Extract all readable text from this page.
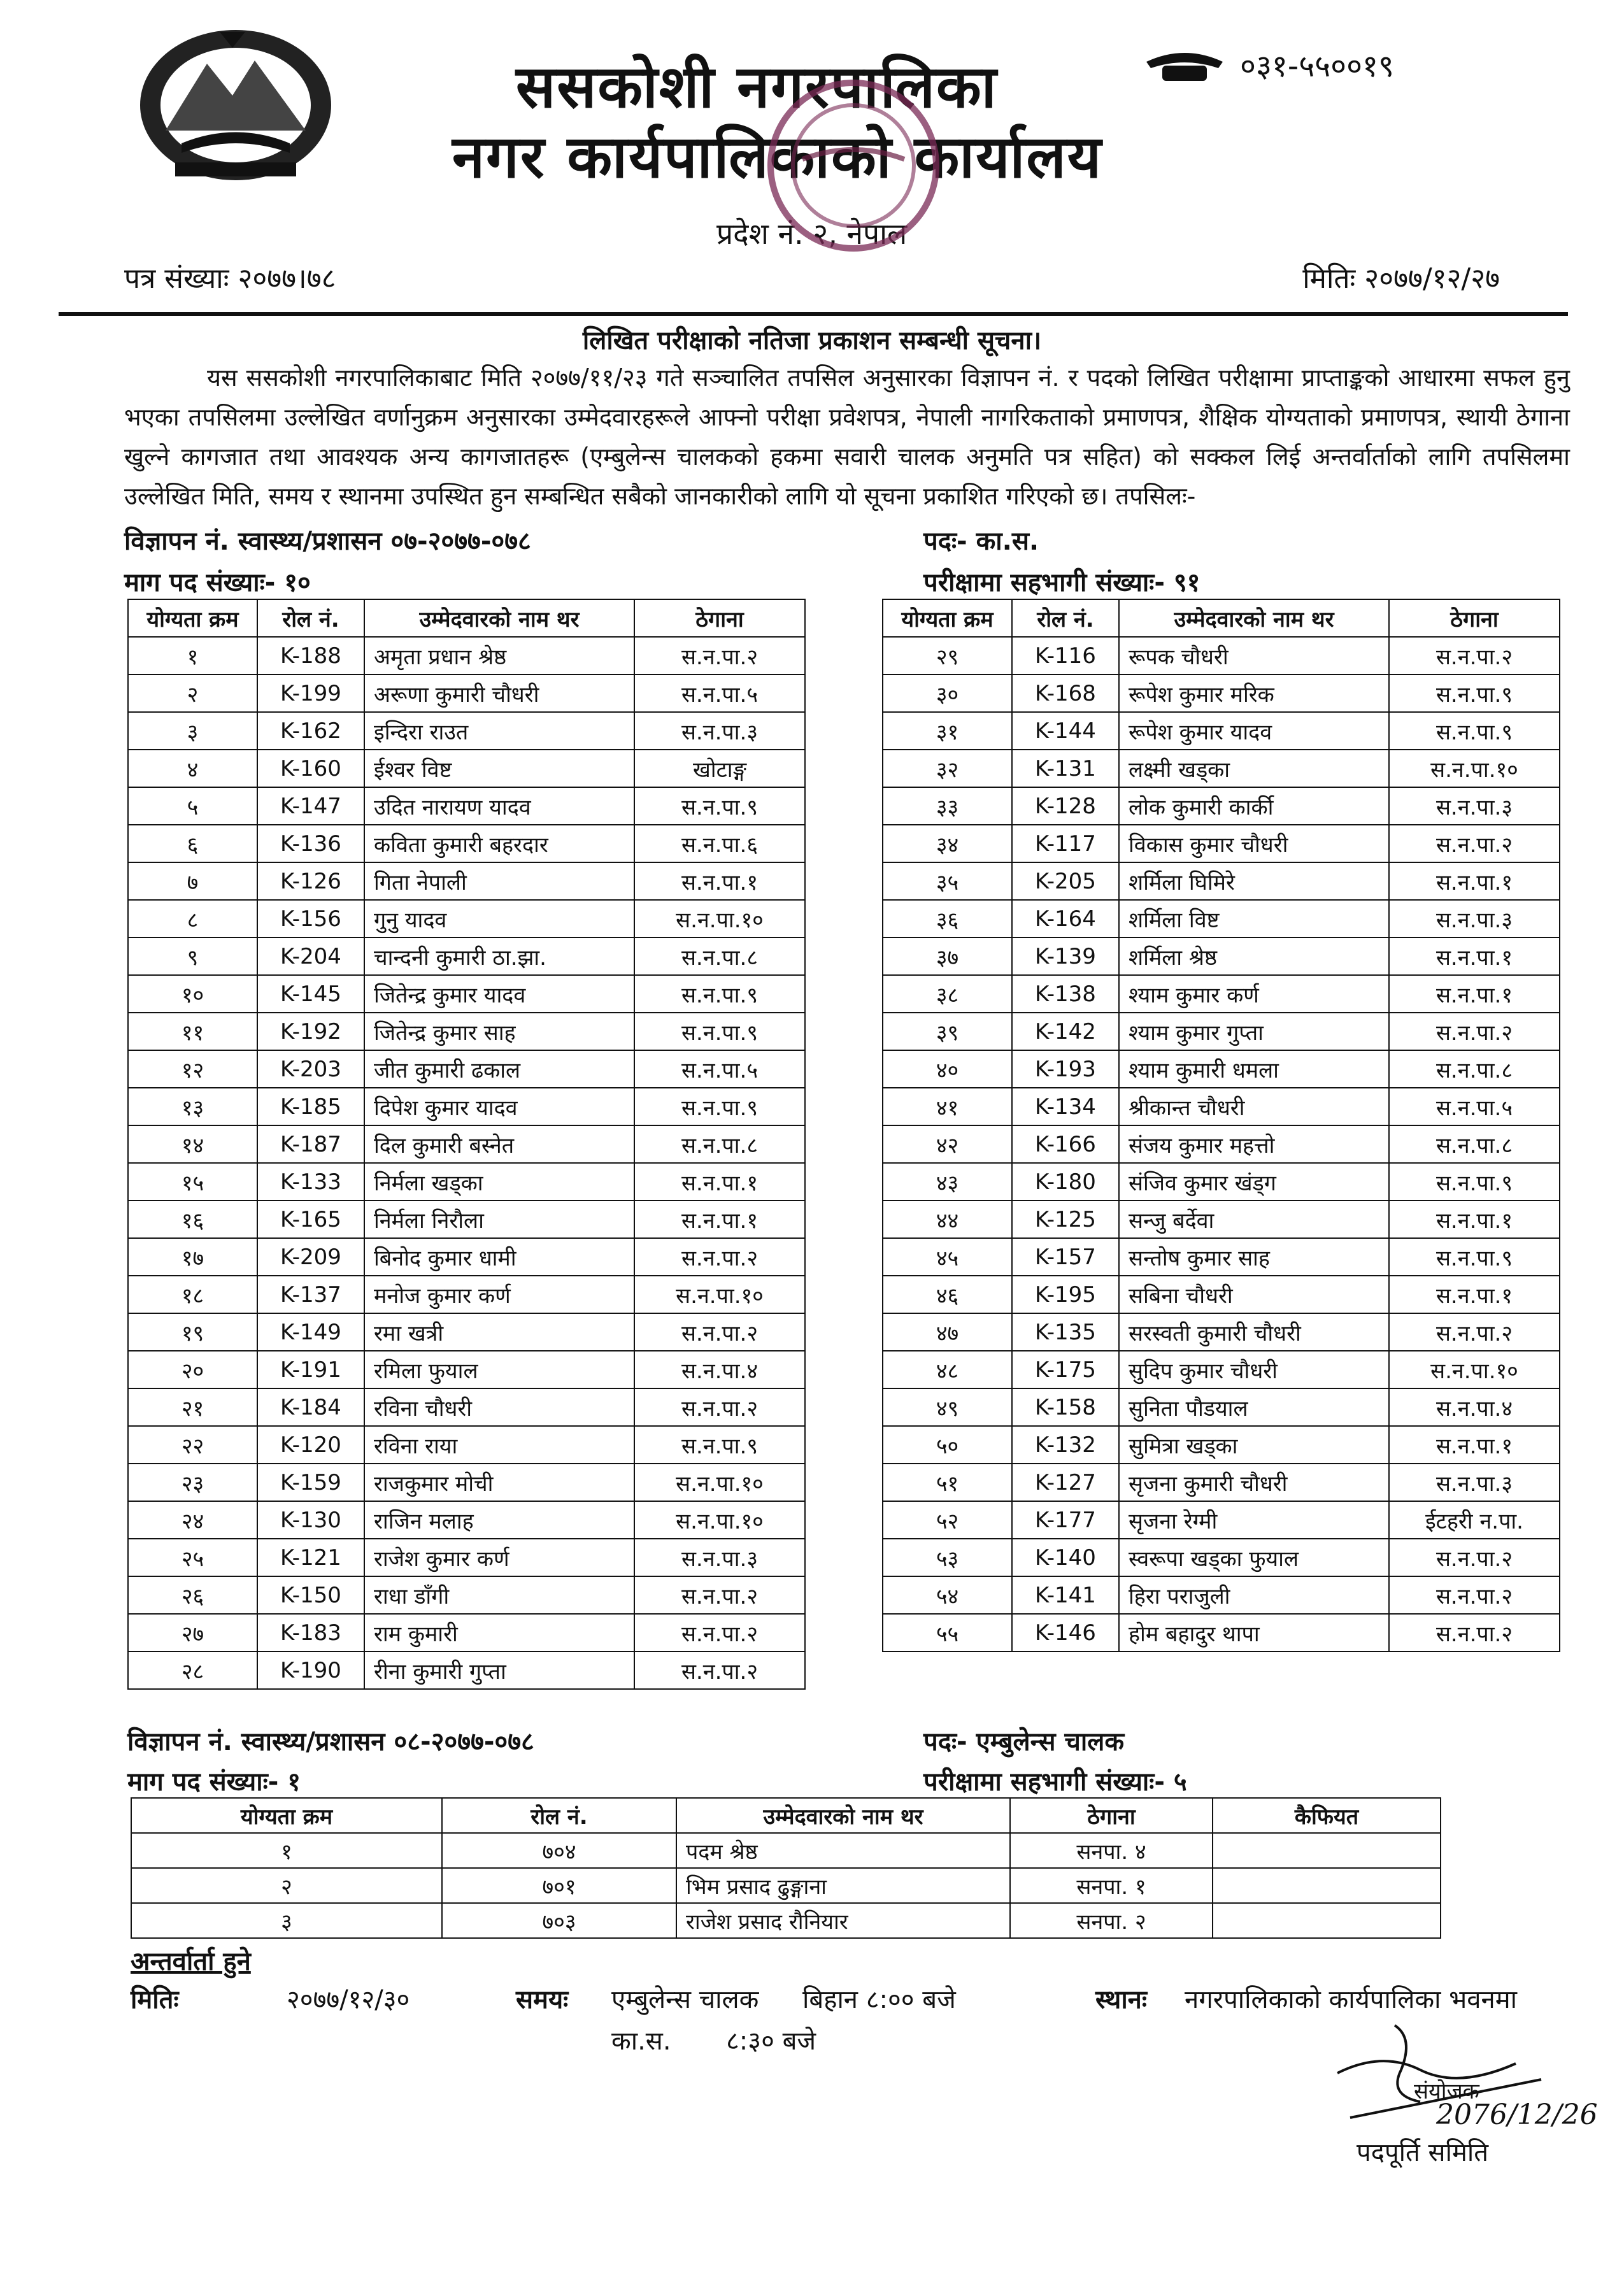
ससकोशी नगरपालिका
नगर कार्यपालिकाको कार्यालय
प्रदेश नं. २, नेपाल
०३१-५५००१९
पत्र संख्याः २०७७।७८	मितिः २०७७/१२/२७
लिखित परीक्षाको नतिजा प्रकाशन सम्बन्धी सूचना।
यस ससकोशी नगरपालिकाबाट मिति २०७७/११/२३ गते सञ्चालित तपसिल अनुसारका विज्ञापन नं. र पदको लिखित परीक्षामा प्राप्ताङ्कको आधारमा सफल हुनु भएका तपसिलमा उल्लेखित वर्णानुक्रम अनुसारका उम्मेदवारहरूले आफ्नो परीक्षा प्रवेशपत्र, नेपाली नागरिकताको प्रमाणपत्र, शैक्षिक योग्यताको प्रमाणपत्र, स्थायी ठेगाना खुल्ने कागजात तथा आवश्यक अन्य कागजातहरू (एम्बुलेन्स चालकको हकमा सवारी चालक अनुमति पत्र सहित) को सक्कल लिई अन्तर्वार्ताको लागि तपसिलमा उल्लेखित मिति, समय र स्थानमा उपस्थित हुन सम्बन्धित सबैको जानकारीको लागि यो सूचना प्रकाशित गरिएको छ। तपसिलः-
विज्ञापन नं. स्वास्थ्य/प्रशासन ०७-२०७७-०७८	पदः- का.स.
माग पद संख्याः- १०	परीक्षामा सहभागी संख्याः- ९१
योग्यता क्रम	रोल नं.	उम्मेदवारको नाम थर	ठेगाना
१	K-188	अमृता प्रधान श्रेष्ठ	स.न.पा.२
२	K-199	अरूणा कुमारी चौधरी	स.न.पा.५
३	K-162	इन्दिरा राउत	स.न.पा.३
४	K-160	ईश्वर विष्ट	खोटाङ्ग
५	K-147	उदित नारायण यादव	स.न.पा.९
६	K-136	कविता कुमारी बहरदार	स.न.पा.६
७	K-126	गिता नेपाली	स.न.पा.१
८	K-156	गुनु यादव	स.न.पा.१०
९	K-204	चान्दनी कुमारी ठा.झा.	स.न.पा.८
१०	K-145	जितेन्द्र कुमार यादव	स.न.पा.९
११	K-192	जितेन्द्र कुमार साह	स.न.पा.९
१२	K-203	जीत कुमारी ढकाल	स.न.पा.५
१३	K-185	दिपेश कुमार यादव	स.न.पा.९
१४	K-187	दिल कुमारी बस्नेत	स.न.पा.८
१५	K-133	निर्मला खड्का	स.न.पा.१
१६	K-165	निर्मला निरौला	स.न.पा.१
१७	K-209	बिनोद कुमार धामी	स.न.पा.२
१८	K-137	मनोज कुमार कर्ण	स.न.पा.१०
१९	K-149	रमा खत्री	स.न.पा.२
२०	K-191	रमिला फुयाल	स.न.पा.४
२१	K-184	रविना चौधरी	स.न.पा.२
२२	K-120	रविना राया	स.न.पा.९
२३	K-159	राजकुमार मोची	स.न.पा.१०
२४	K-130	राजिन मलाह	स.न.पा.१०
२५	K-121	राजेश कुमार कर्ण	स.न.पा.३
२६	K-150	राधा डाँगी	स.न.पा.२
२७	K-183	राम कुमारी	स.न.पा.२
२८	K-190	रीना कुमारी गुप्ता	स.न.पा.२
योग्यता क्रम	रोल नं.	उम्मेदवारको नाम थर	ठेगाना
२९	K-116	रूपक चौधरी	स.न.पा.२
३०	K-168	रूपेश कुमार मरिक	स.न.पा.९
३१	K-144	रूपेश कुमार यादव	स.न.पा.९
३२	K-131	लक्ष्मी खड्का	स.न.पा.१०
३३	K-128	लोक कुमारी कार्की	स.न.पा.३
३४	K-117	विकास कुमार चौधरी	स.न.पा.२
३५	K-205	शर्मिला घिमिरे	स.न.पा.१
३६	K-164	शर्मिला विष्ट	स.न.पा.३
३७	K-139	शर्मिला श्रेष्ठ	स.न.पा.१
३८	K-138	श्याम कुमार कर्ण	स.न.पा.१
३९	K-142	श्याम कुमार गुप्ता	स.न.पा.२
४०	K-193	श्याम कुमारी धमला	स.न.पा.८
४१	K-134	श्रीकान्त चौधरी	स.न.पा.५
४२	K-166	संजय कुमार महत्तो	स.न.पा.८
४३	K-180	संजिव कुमार खंड्ग	स.न.पा.९
४४	K-125	सन्जु बर्देवा	स.न.पा.१
४५	K-157	सन्तोष कुमार साह	स.न.पा.९
४६	K-195	सबिना चौधरी	स.न.पा.१
४७	K-135	सरस्वती कुमारी चौधरी	स.न.पा.२
४८	K-175	सुदिप कुमार चौधरी	स.न.पा.१०
४९	K-158	सुनिता पौडयाल	स.न.पा.४
५०	K-132	सुमित्रा खड्का	स.न.पा.१
५१	K-127	सृजना कुमारी चौधरी	स.न.पा.३
५२	K-177	सृजना रेग्मी	ईटहरी न.पा.
५३	K-140	स्वरूपा खड्का फुयाल	स.न.पा.२
५४	K-141	हिरा पराजुली	स.न.पा.२
५५	K-146	होम बहादुर थापा	स.न.पा.२
विज्ञापन नं. स्वास्थ्य/प्रशासन ०८-२०७७-०७८	पदः- एम्बुलेन्स चालक
माग पद संख्याः- १	परीक्षामा सहभागी संख्याः- ५
योग्यता क्रम	रोल नं.	उम्मेदवारको नाम थर	ठेगाना	कैफियत
१	७०४	पदम श्रेष्ठ	सनपा. ४	
२	७०१	भिम प्रसाद ढुङ्गाना	सनपा. १	
३	७०३	राजेश प्रसाद रौनियार	सनपा. २	
अन्तर्वार्ता हुने
मितिः	२०७७/१२/३०	समयः एम्बुलेन्स चालक बिहान ८:०० बजे
का.स. ८:३० बजे
स्थानः नगरपालिकाको कार्यपालिका भवनमा
संयोजक
2076/12/26
पदपूर्ति समिति
